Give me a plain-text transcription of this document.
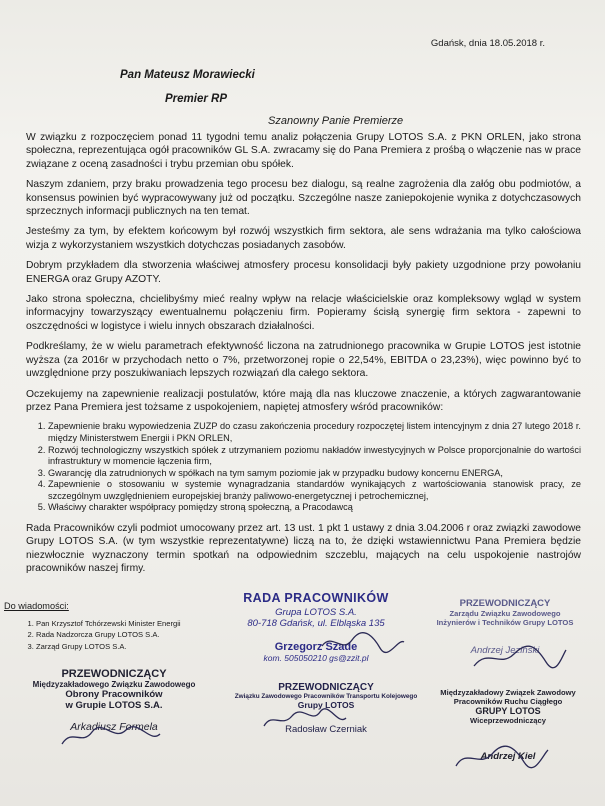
Gdańsk, dnia 18.05.2018 r.
Pan Mateusz Morawiecki
Premier RP
Szanowny Panie Premierze

W związku z rozpoczęciem ponad 11 tygodni temu analiz połączenia Grupy LOTOS S.A. z PKN ORLEN, jako strona społeczna, reprezentująca ogół pracowników GL S.A. zwracamy się do Pana Premiera z prośbą o włączenie nas w prace związane z oceną zasadności i trybu przemian obu spółek.

Naszym zdaniem, przy braku prowadzenia tego procesu bez dialogu, są realne zagrożenia dla załóg obu podmiotów, a konsensus powinien być wypracowywany już od początku. Szczególne nasze zaniepokojenie wynika z dotychczasowych sprzecznych informacji publicznych na ten temat.

Jesteśmy za tym, by efektem końcowym był rozwój wszystkich firm sektora, ale sens wdrażania ma tylko całościowa wizja z wykorzystaniem wszystkich dotychczas posiadanych zasobów.

Dobrym przykładem dla stworzenia właściwej atmosfery procesu konsolidacji były pakiety uzgodnione przy powołaniu ENERGA oraz Grupy AZOTY.

Jako strona społeczna, chcielibyśmy mieć realny wpływ na relacje właścicielskie oraz kompleksowy wgląd w system informacyjny towarzyszący ewentualnemu połączeniu firm. Popieramy ścisłą synergię firm sektora - zapewni to oszczędności w logistyce i wielu innych obszarach działalności.

Podkreślamy, że w wielu parametrach efektywność liczona na zatrudnionego pracownika w Grupie LOTOS jest istotnie wyższa (za 2016r w przychodach netto o 7%, przetworzonej ropie o 22,54%, EBITDA o 23,23%), więc powinno być to uwzględnione przy poszukiwaniach lepszych rozwiązań dla całego sektora.

Oczekujemy na zapewnienie realizacji postulatów, które mają dla nas kluczowe znaczenie, a których zagwarantowanie przez Pana Premiera jest tożsame z uspokojeniem, napiętej atmosfery wśród pracowników:

1. Zapewnienie braku wypowiedzenia ZUZP do czasu zakończenia procedury rozpoczętej listem intencyjnym z dnia 27 lutego 2018 r. między Ministerstwem Energii i PKN ORLEN,
2. Rozwój technologiczny wszystkich spółek z utrzymaniem poziomu nakładów inwestycyjnych w Polsce proporcjonalnie do wartości infrastruktury w momencie łączenia firm,
3. Gwarancję dla zatrudnionych w spółkach na tym samym poziomie jak w przypadku budowy koncernu ENERGA,
4. Zapewnienie o stosowaniu w systemie wynagradzania standardów wynikających z wartościowania stanowisk pracy, ze szczególnym uwzględnieniem europejskiej branży paliwowo-energetycznej i petrochemicznej,
5. Właściwy charakter współpracy pomiędzy stroną społeczną, a Pracodawcą

Rada Pracowników czyli podmiot umocowany przez art. 13 ust. 1 pkt 1 ustawy z dnia 3.04.2006 r oraz związki zawodowe Grupy LOTOS S.A. (w tym wszystkie reprezentatywne) liczą na to, że dzięki wstawiennictwu Pana Premiera będzie niezwłocznie wyznaczony termin spotkań na odpowiednim szczeblu, mających na celu uspokojenie nastrojów pracowników naszej firmy.

Do wiadomości:
1. Pan Krzysztof Tchórzewski Minister Energii
2. Rada Nadzorcza Grupy LOTOS S.A.
3. Zarząd Grupy LOTOS S.A.
RADA PRACOWNIKÓW
Grupa LOTOS S.A.
80-718 Gdańsk, ul. Elbląska 135
Grzegorz Szade
kom. 505050210 gs@zzit.pl
PRZEWODNICZĄCY
Zarządu Związku Zawodowego
Inżynierów i Techników Grupy LOTOS
Andrzej Jeziński
PRZEWODNICZĄCY
Międzyzakładowego Związku Zawodowego
Obrony Pracowników
w Grupie LOTOS S.A.
Arkadiusz Formela
PRZEWODNICZĄCY
Związku Zawodowego Pracowników Transportu Kolejowego
Grupy LOTOS
Radosław Czerniak
Międzyzakładowy Związek Zawodowy
Pracowników Ruchu Ciągłego
GRUPY LOTOS
Wiceprzewodniczący
Andrzej Kiel
